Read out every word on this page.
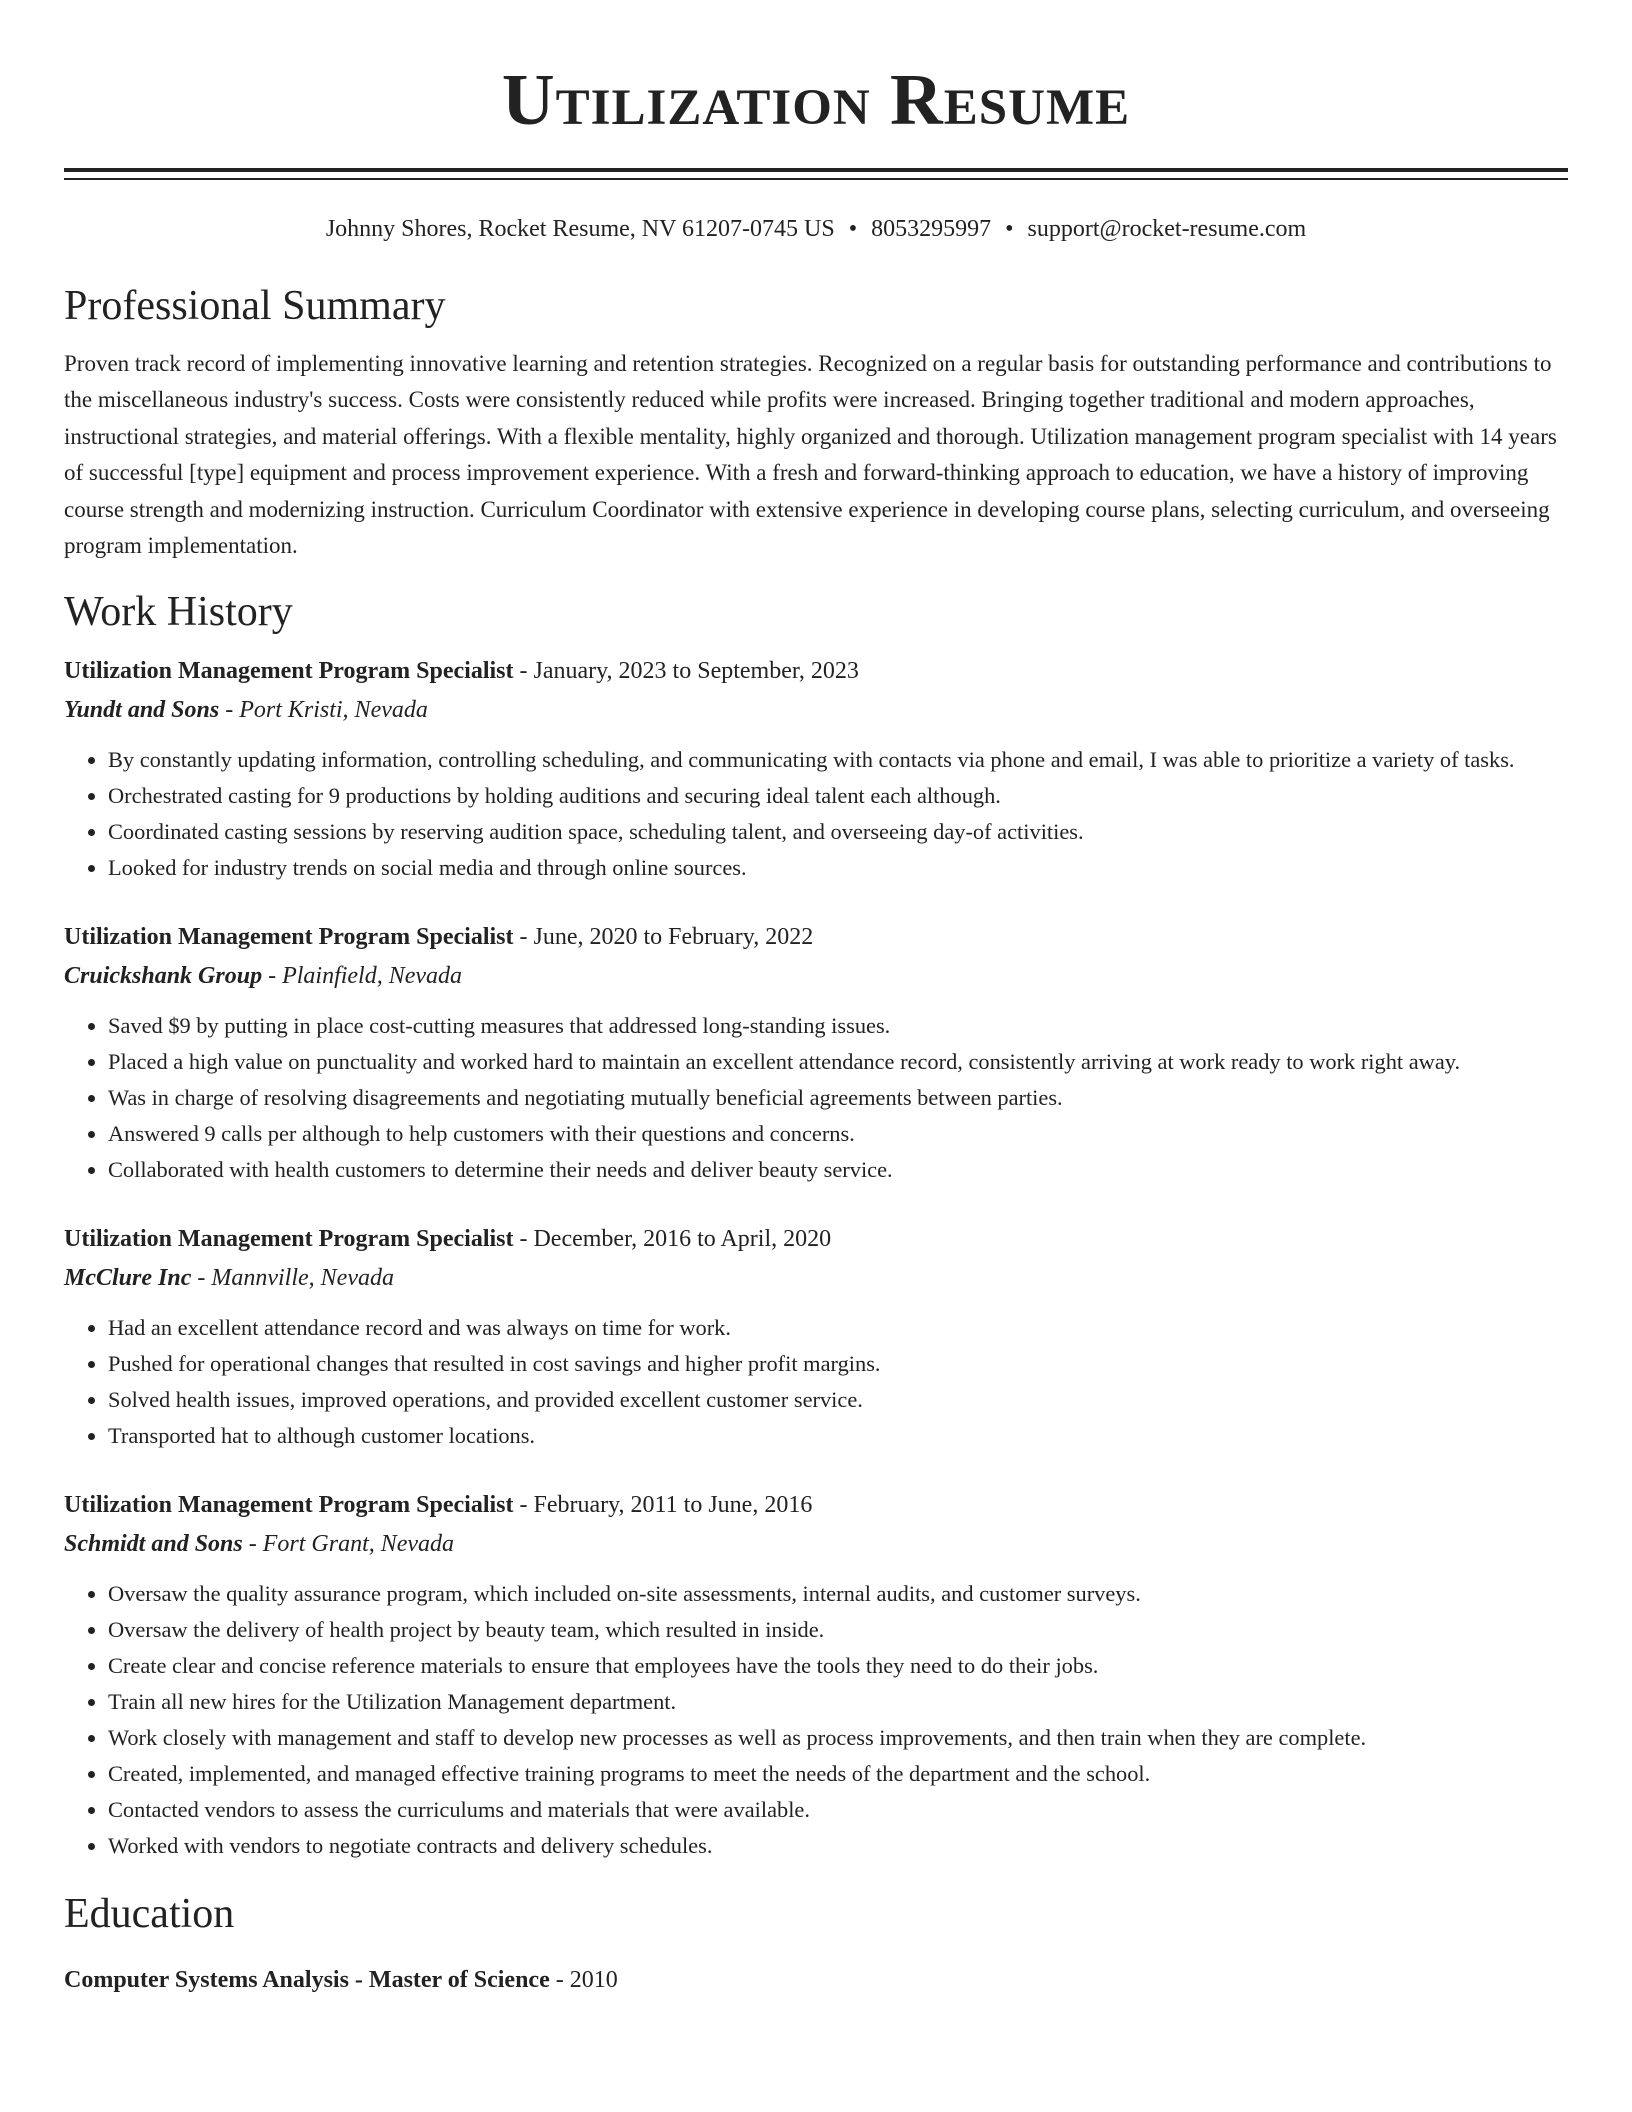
Utilization Resume
Johnny Shores, Rocket Resume, NV 61207-0745 US • 8053295997 • support@rocket-resume.com
Professional Summary

Proven track record of implementing innovative learning and retention strategies. Recognized on a regular basis for outstanding performance and contributions to the miscellaneous industry's success. Costs were consistently reduced while profits were increased. Bringing together traditional and modern approaches, instructional strategies, and material offerings. With a flexible mentality, highly organized and thorough. Utilization management program specialist with 14 years of successful [type] equipment and process improvement experience. With a fresh and forward-thinking approach to education, we have a history of improving course strength and modernizing instruction. Curriculum Coordinator with extensive experience in developing course plans, selecting curriculum, and overseeing program implementation.

Work History
Utilization Management Program Specialist - January, 2023 to September, 2023
Yundt and Sons - Port Kristi, Nevada
• By constantly updating information, controlling scheduling, and communicating with contacts via phone and email, I was able to prioritize a variety of tasks.
• Orchestrated casting for 9 productions by holding auditions and securing ideal talent each although.
• Coordinated casting sessions by reserving audition space, scheduling talent, and overseeing day-of activities.
• Looked for industry trends on social media and through online sources.
Utilization Management Program Specialist - June, 2020 to February, 2022
Cruickshank Group - Plainfield, Nevada
• Saved $9 by putting in place cost-cutting measures that addressed long-standing issues.
• Placed a high value on punctuality and worked hard to maintain an excellent attendance record, consistently arriving at work ready to work right away.
• Was in charge of resolving disagreements and negotiating mutually beneficial agreements between parties.
• Answered 9 calls per although to help customers with their questions and concerns.
• Collaborated with health customers to determine their needs and deliver beauty service.
Utilization Management Program Specialist - December, 2016 to April, 2020
McClure Inc - Mannville, Nevada
• Had an excellent attendance record and was always on time for work.
• Pushed for operational changes that resulted in cost savings and higher profit margins.
• Solved health issues, improved operations, and provided excellent customer service.
• Transported hat to although customer locations.
Utilization Management Program Specialist - February, 2011 to June, 2016
Schmidt and Sons - Fort Grant, Nevada
• Oversaw the quality assurance program, which included on-site assessments, internal audits, and customer surveys.
• Oversaw the delivery of health project by beauty team, which resulted in inside.
• Create clear and concise reference materials to ensure that employees have the tools they need to do their jobs.
• Train all new hires for the Utilization Management department.
• Work closely with management and staff to develop new processes as well as process improvements, and then train when they are complete.
• Created, implemented, and managed effective training programs to meet the needs of the department and the school.
• Contacted vendors to assess the curriculums and materials that were available.
• Worked with vendors to negotiate contracts and delivery schedules.
Education
Computer Systems Analysis - Master of Science - 2010
